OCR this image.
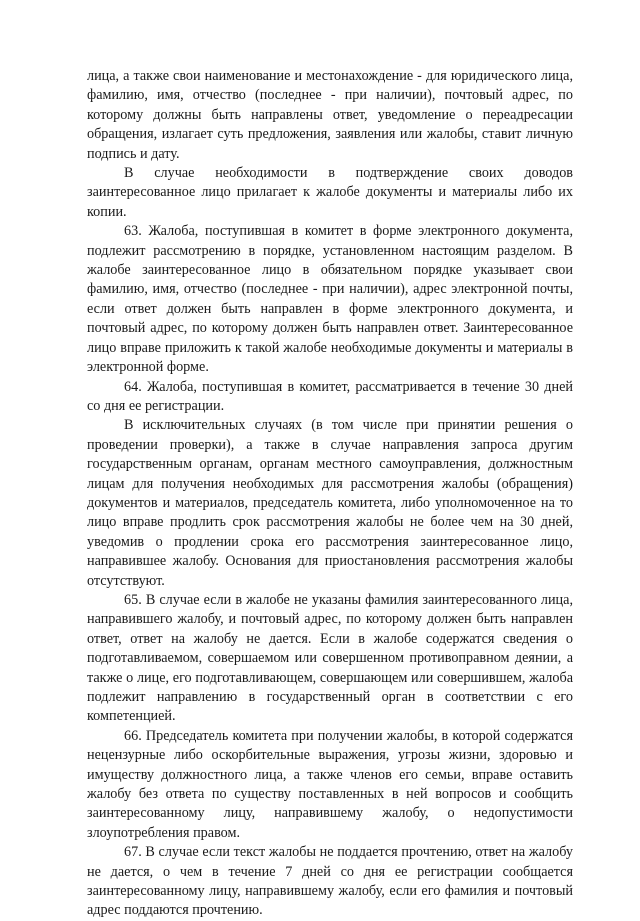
лица, а также свои наименование и местонахождение - для юридического лица, фамилию, имя, отчество (последнее - при наличии), почтовый адрес, по которому должны быть направлены ответ, уведомление о переадресации обращения, излагает суть предложения, заявления или жалобы, ставит личную подпись и дату.

В случае необходимости в подтверждение своих доводов заинтересованное лицо прилагает к жалобе документы и материалы либо их копии.

63. Жалоба, поступившая в комитет в форме электронного документа, подлежит рассмотрению в порядке, установленном настоящим разделом. В жалобе заинтересованное лицо в обязательном порядке указывает свои фамилию, имя, отчество (последнее - при наличии), адрес электронной почты, если ответ должен быть направлен в форме электронного документа, и почтовый адрес, по которому должен быть направлен ответ. Заинтересованное лицо вправе приложить к такой жалобе необходимые документы и материалы в электронной форме.

64. Жалоба, поступившая в комитет, рассматривается в течение 30 дней со дня ее регистрации.

В исключительных случаях (в том числе при принятии решения о проведении проверки), а также в случае направления запроса другим государственным органам, органам местного самоуправления, должностным лицам для получения необходимых для рассмотрения жалобы (обращения) документов и материалов, председатель комитета, либо уполномоченное на то лицо вправе продлить срок рассмотрения жалобы не более чем на 30 дней, уведомив о продлении срока его рассмотрения заинтересованное лицо, направившее жалобу. Основания для приостановления рассмотрения жалобы отсутствуют.

65. В случае если в жалобе не указаны фамилия заинтересованного лица, направившего жалобу, и почтовый адрес, по которому должен быть направлен ответ, ответ на жалобу не дается. Если в жалобе содержатся сведения о подготавливаемом, совершаемом или совершенном противоправном деянии, а также о лице, его подготавливающем, совершающем или совершившем, жалоба подлежит направлению в государственный орган в соответствии с его компетенцией.

66. Председатель комитета при получении жалобы, в которой содержатся нецензурные либо оскорбительные выражения, угрозы жизни, здоровью и имуществу должностного лица, а также членов его семьи, вправе оставить жалобу без ответа по существу поставленных в ней вопросов и сообщить заинтересованному лицу, направившему жалобу, о недопустимости злоупотребления правом.

67. В случае если текст жалобы не поддается прочтению, ответ на жалобу не дается, о чем в течение 7 дней со дня ее регистрации сообщается заинтересованному лицу, направившему жалобу, если его фамилия и почтовый адрес поддаются прочтению.
